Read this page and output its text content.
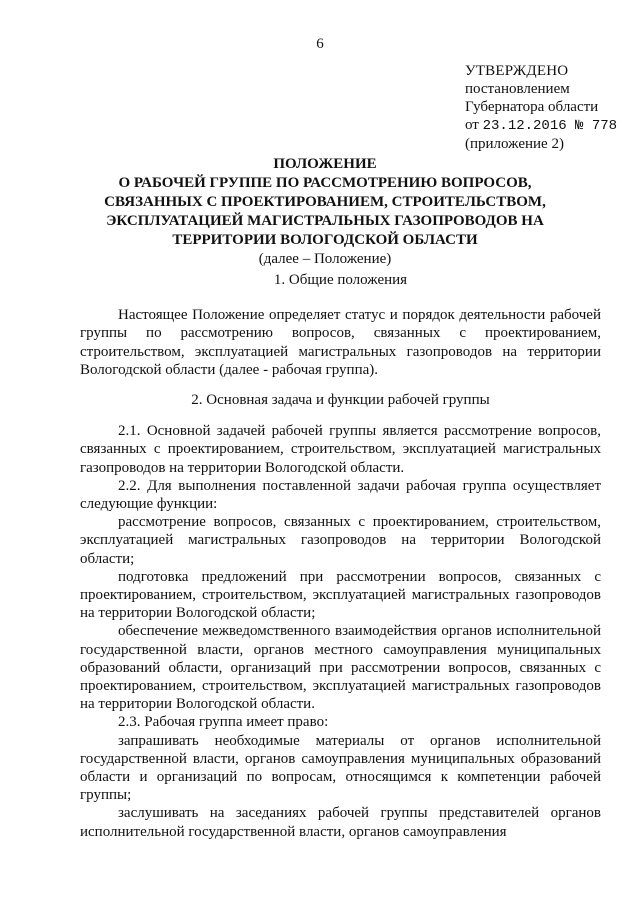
6
УТВЕРЖДЕНО
постановлением
Губернатора области
от 23.12.2016 № 778
(приложение 2)
ПОЛОЖЕНИЕ
О РАБОЧЕЙ ГРУППЕ ПО РАССМОТРЕНИЮ ВОПРОСОВ,
СВЯЗАННЫХ С ПРОЕКТИРОВАНИЕМ, СТРОИТЕЛЬСТВОМ,
ЭКСПЛУАТАЦИЕЙ МАГИСТРАЛЬНЫХ ГАЗОПРОВОДОВ НА
ТЕРРИТОРИИ ВОЛОГОДСКОЙ ОБЛАСТИ
(далее – Положение)

1. Общие положения

Настоящее Положение определяет статус и порядок деятельности рабочей группы по рассмотрению вопросов, связанных с проектированием, строительством, эксплуатацией магистральных газопроводов на территории Вологодской области (далее - рабочая группа).

2. Основная задача и функции рабочей группы

2.1. Основной задачей рабочей группы является рассмотрение вопросов, связанных с проектированием, строительством, эксплуатацией магистральных газопроводов на территории Вологодской области.

2.2. Для выполнения поставленной задачи рабочая группа осуществляет следующие функции:

рассмотрение вопросов, связанных с проектированием, строительством, эксплуатацией магистральных газопроводов на территории Вологодской области;

подготовка предложений при рассмотрении вопросов, связанных с проектированием, строительством, эксплуатацией магистральных газопроводов на территории Вологодской области;

обеспечение межведомственного взаимодействия органов исполнительной государственной власти, органов местного самоуправления муниципальных образований области, организаций при рассмотрении вопросов, связанных с проектированием, строительством, эксплуатацией магистральных газопроводов на территории Вологодской области.

2.3. Рабочая группа имеет право:

запрашивать необходимые материалы от органов исполнительной государственной власти, органов самоуправления муниципальных образований области и организаций по вопросам, относящимся к компетенции рабочей группы;

заслушивать на заседаниях рабочей группы представителей органов исполнительной государственной власти, органов самоуправления
